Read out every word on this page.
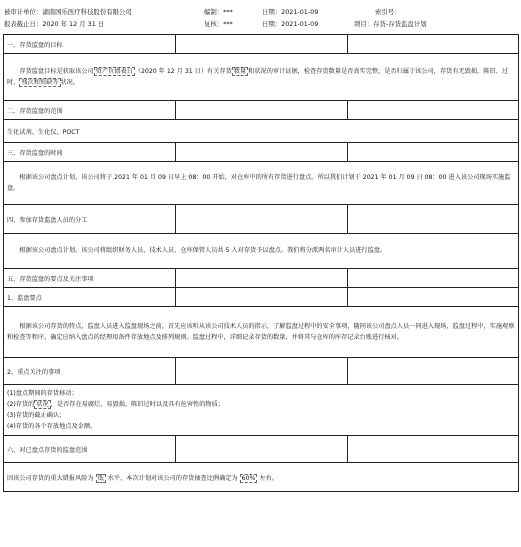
被审计单位：湖南国乐医疗科技股份有限公司	编制：***	日期：2021-01-09	索引号：
报表截止日：2020 年 12 月 31 日	复核：***	日期：2021-01-09	项目：存货-存货监盘计划
一、存货监盘的目标		
存货监盘目标是获取该公司 资产负债表日 （2020 年 12 月 31 日）有关存货 数量 和状况的审计证据，检查存货数量是否真实完整，是否归属于该公司，存货有无毁损、陈旧、过时、 残次和短缺等 状况。		
二、存货监盘的范围		
生化试剂、生化仪、POCT		
三、存货监盘的时间		
根据该公司盘点计划，该公司将于 2021 年 01 月 09 日早上 08：00 开始，对仓库中的所有存货进行盘点。所以我们计划于 2021 年 01 月 09 日 08：00 进入该公司现场实施监盘。		
四、参加存货监盘人员的分工		
根据该公司盘点计划，该公司将组织财务人员、技术人员、仓库保管人员共 5 人对存货予以盘点。我们将分派两名审计人员进行监盘。		
五、存货监盘的要点及关注事项		
1、监盘要点		
根据该公司存货的特点，监盘人员进入监盘现场之前，首先应该听从该公司技术人员的指示，了解监盘过程中的安全事项，随同该公司盘点人员一同进入现场，监盘过程中，实施观察和检查等程序，确定应纳入盘点的经理用备件存放地点及排列规则。监盘过程中，详细记录存货的数量，并将其与仓库的库存记录台账进行核对。		
2、重点关注的事项		

(1)盘点期间的存货移动；
(2)存货的 状况 ，是否存在易腐烂、易毁损、陈旧过时以及具有危害性的物质；
(3)存货的截止确认；
(4)存货的各个存放地点及金额。		

六、对已盘点存货的监盘范围		
因该公司存货的重大错报风险为 低 水平，本次计划对该公司的存货抽查比例确定为 60% 左右。		
